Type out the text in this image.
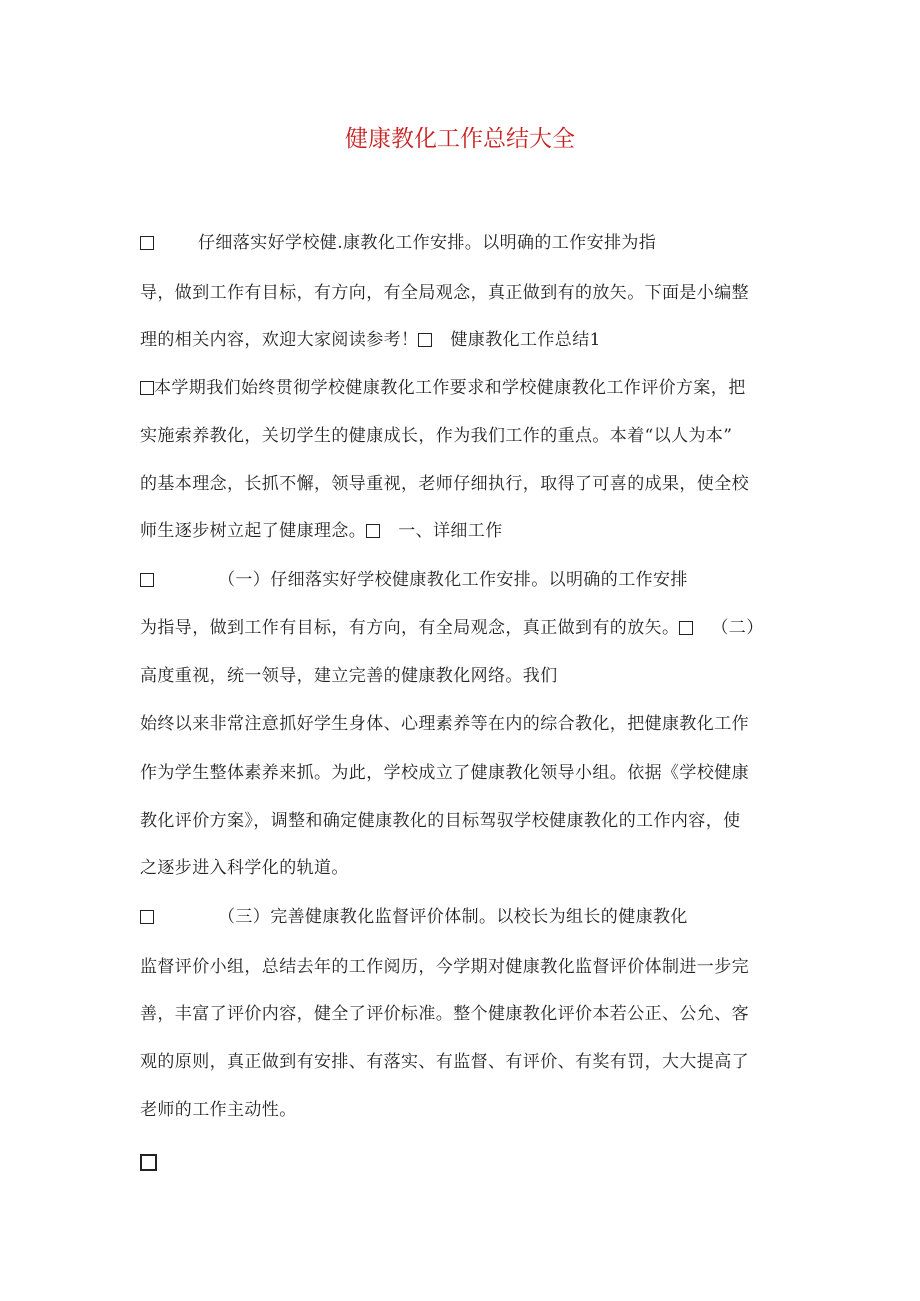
健康教化工作总结大全
仔细落实好学校健.康教化工作安排。以明确的工作安排为指
导，做到工作有目标，有方向，有全局观念，真正做到有的放矢。下面是小编整
理的相关内容，欢迎大家阅读参考！ 健康教化工作总结1
本学期我们始终贯彻学校健康教化工作要求和学校健康教化工作评价方案，把
实施索养教化，关切学生的健康成长，作为我们工作的重点。本着“以人为本”
的基本理念，长抓不懈，领导重视，老师仔细执行，取得了可喜的成果，使全校
师生逐步树立起了健康理念。 一、详细工作
（一）仔细落实好学校健康教化工作安排。以明确的工作安排
为指导，做到工作有目标，有方向，有全局观念，真正做到有的放矢。 （二）
高度重视，统一领导，建立完善的健康教化网络。我们
始终以来非常注意抓好学生身体、心理素养等在内的综合教化，把健康教化工作
作为学生整体素养来抓。为此，学校成立了健康教化领导小组。依据《学校健康
教化评价方案》，调整和确定健康教化的目标驾驭学校健康教化的工作内容，使
之逐步进入科学化的轨道。
（三）完善健康教化监督评价体制。以校长为组长的健康教化
监督评价小组，总结去年的工作阅历，今学期对健康教化监督评价体制进一步完
善，丰富了评价内容，健全了评价标准。整个健康教化评价本若公正、公允、客
观的原则，真正做到有安排、有落实、有监督、有评价、有奖有罚，大大提高了
老师的工作主动性。
